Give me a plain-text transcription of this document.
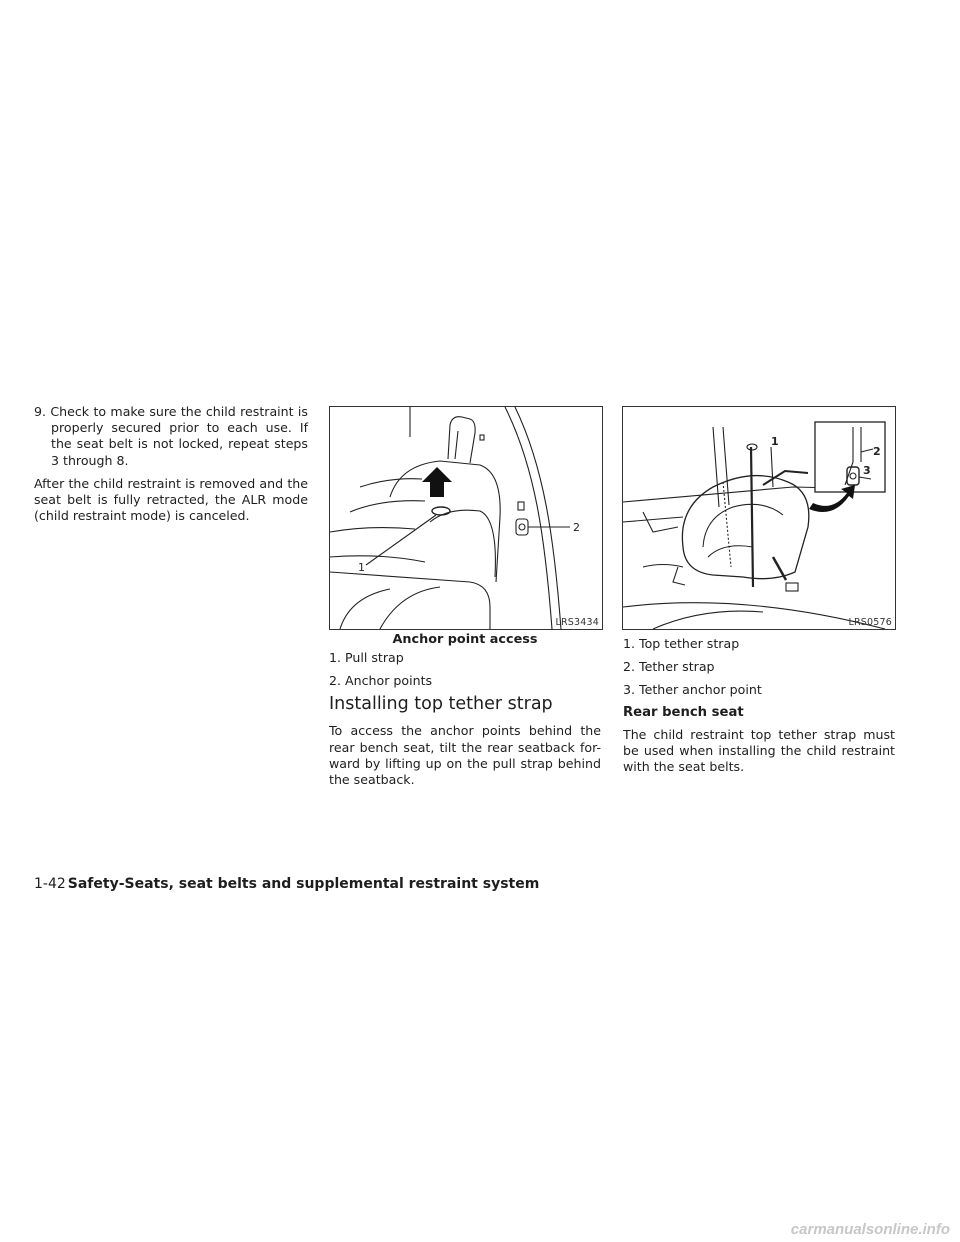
9. Check to make sure the child restraint is properly secured prior to each use. If the seat belt is not locked, repeat steps 3 through 8.

After the child restraint is removed and the seat belt is fully retracted, the ALR mode (child restraint mode) is canceled.

1
2
LRS3434
Anchor point access

1. Pull strap

2. Anchor points

Installing top tether strap

To access the anchor points behind the rear bench seat, tilt the rear seatback for-ward by lifting up on the pull strap behind the seatback.

1
2
3
LRS0576

1. Top tether strap

2. Tether strap

3. Tether anchor point

Rear bench seat

The child restraint top tether strap must be used when installing the child restraint with the seat belts.

1-42 Safety-Seats, seat belts and supplemental restraint system
carmanualsonline.info
